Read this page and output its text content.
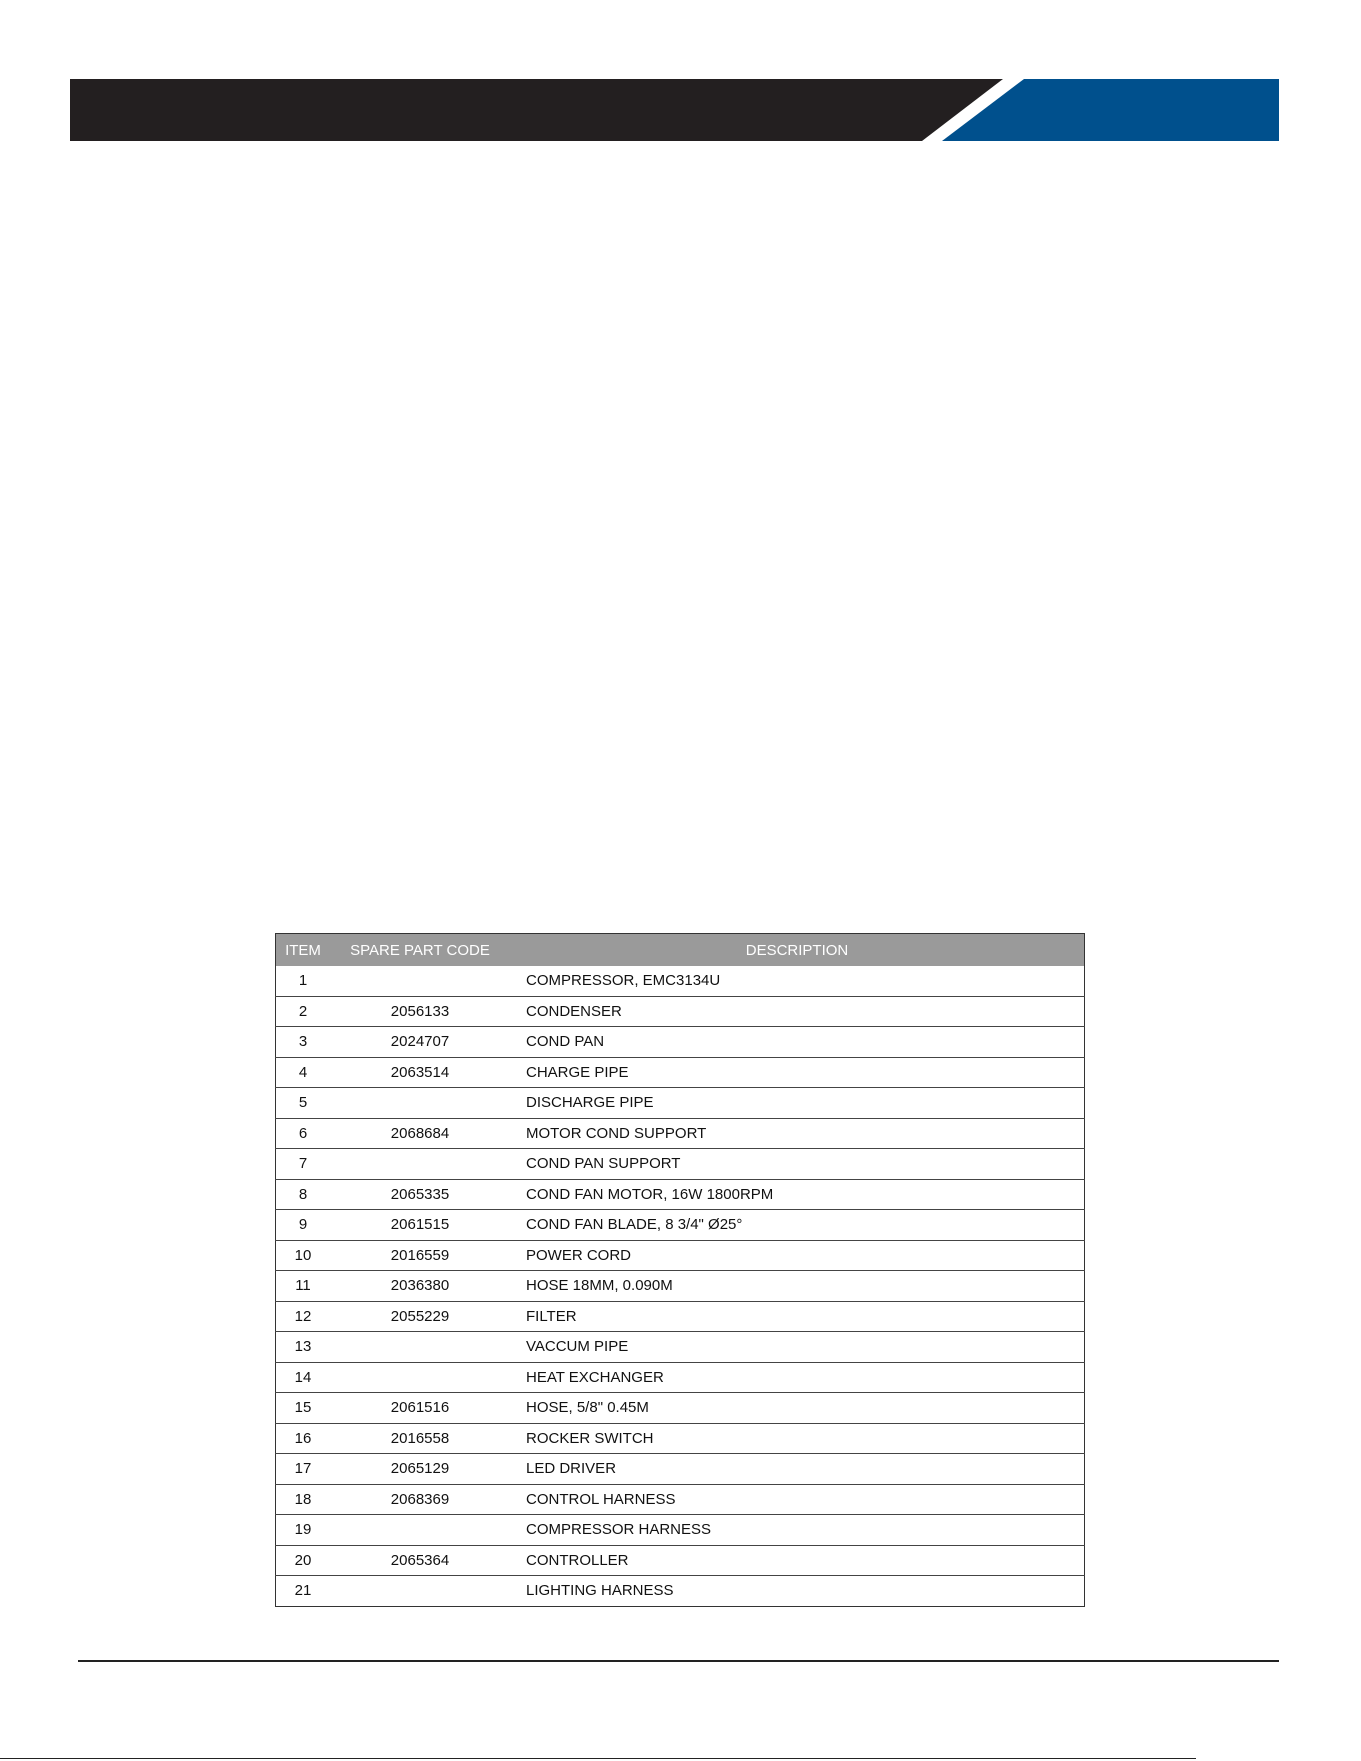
ITEM	SPARE PART CODE	DESCRIPTION
1		COMPRESSOR, EMC3134U
2	2056133	CONDENSER
3	2024707	COND PAN
4	2063514	CHARGE PIPE
5		DISCHARGE PIPE
6	2068684	MOTOR COND SUPPORT
7		COND PAN SUPPORT
8	2065335	COND FAN MOTOR, 16W 1800RPM
9	2061515	COND FAN BLADE, 8 3/4" Ø25°
10	2016559	POWER CORD
11	2036380	HOSE 18MM, 0.090M
12	2055229	FILTER
13		VACCUM PIPE
14		HEAT EXCHANGER
15	2061516	HOSE, 5/8" 0.45M
16	2016558	ROCKER SWITCH
17	2065129	LED DRIVER
18	2068369	CONTROL HARNESS
19		COMPRESSOR HARNESS
20	2065364	CONTROLLER
21		LIGHTING HARNESS
